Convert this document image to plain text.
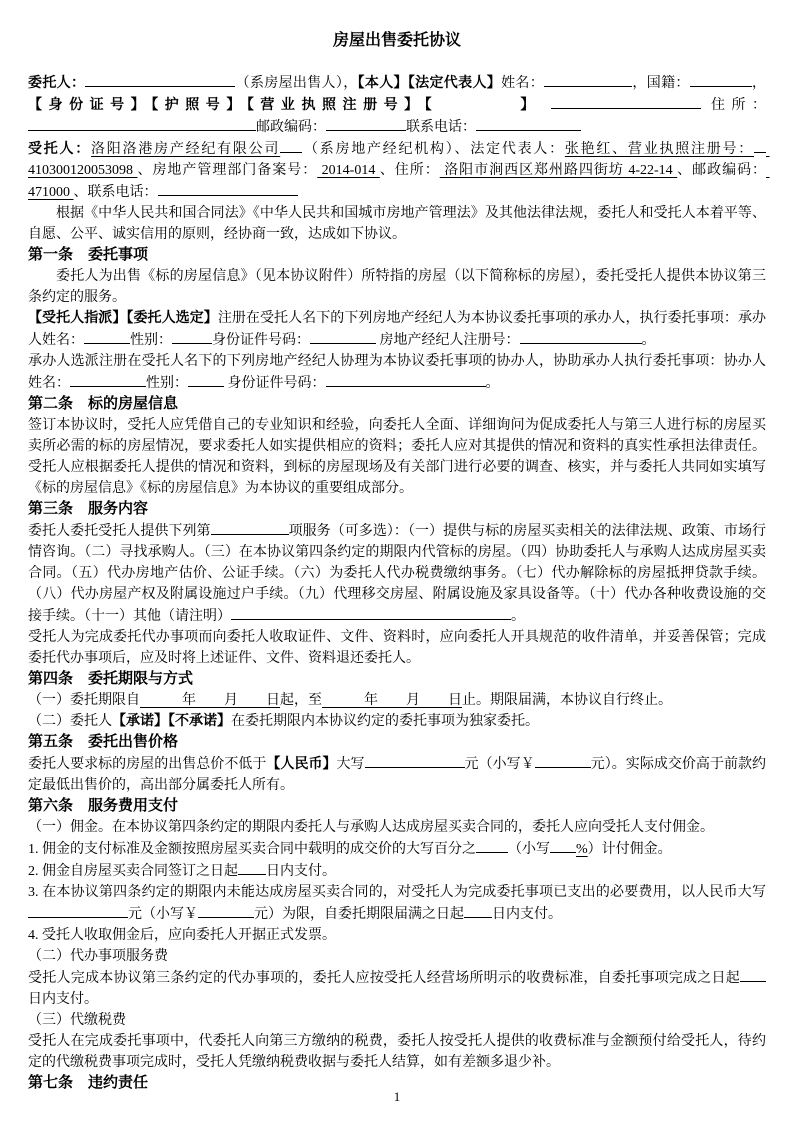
房屋出售委托协议
委托人：	（系房屋出售人），【本人】【法定代表人】姓名：	，国籍：	，【身份证号】【护照号】【营业执照注册号】【　　　　】	住所：邮政编码：	联系电话：
受托人：洛阳洛港房产经纪有限公司 （系房地产经纪机构）、法定代表人：张艳红、营业执照注册号： 410300120053098 、房地产管理部门备案号： 2014-014 、住所： 洛阳市涧西区郑州路四街坊 4-22-14 、邮政编码： 471000 、联系电话：
根据《中华人民共和国合同法》《中华人民共和国城市房地产管理法》及其他法律法规，委托人和受托人本着平等、自愿、公平、诚实信用的原则，经协商一致，达成如下协议。
第一条　委托事项
委托人为出售《标的房屋信息》（见本协议附件）所特指的房屋（以下简称标的房屋），委托受托人提供本协议第三条约定的服务。
【受托人指派】【委托人选定】注册在受托人名下的下列房地产经纪人为本协议委托事项的承办人，执行委托事项：承办人姓名：	性别：	身份证件号码：	房地产经纪人注册号：	。
承办人选派注册在受托人名下的下列房地产经纪人协理为本协议委托事项的协办人，协助承办人执行委托事项：协办人姓名：	性别：	身份证件号码：	。
第二条　标的房屋信息
签订本协议时，受托人应凭借自己的专业知识和经验，向委托人全面、详细询问为促成委托人与第三人进行标的房屋买卖所必需的标的房屋情况，要求委托人如实提供相应的资料；委托人应对其提供的情况和资料的真实性承担法律责任。受托人应根据委托人提供的情况和资料，到标的房屋现场及有关部门进行必要的调查、核实，并与委托人共同如实填写《标的房屋信息》《标的房屋信息》为本协议的重要组成部分。
第三条　服务内容
委托人委托受托人提供下列第	项服务（可多选）：（一）提供与标的房屋买卖相关的法律法规、政策、市场行情咨询。（二）寻找承购人。（三）在本协议第四条约定的期限内代管标的房屋。（四）协助委托人与承购人达成房屋买卖合同。（五）代办房地产估价、公证手续。（六）为委托人代办税费缴纳事务。（七）代办解除标的房屋抵押贷款手续。（八）代办房屋产权及附属设施过户手续。（九）代理移交房屋、附属设施及家具设备等。（十）代办各种收费设施的交接手续。（十一）其他（请注明）	。
受托人为完成委托代办事项而向委托人收取证件、文件、资料时，应向委托人开具规范的收件清单，并妥善保管；完成委托代办事项后，应及时将上述证件、文件、资料退还委托人。
第四条　委托期限与方式
（一）委托期限自　　　年　　月　　日起，至　　　年　　月　　日止。期限届满，本协议自行终止。
（二）委托人【承诺】【不承诺】在委托期限内本协议约定的委托事项为独家委托。
第五条　委托出售价格
委托人要求标的房屋的出售总价不低于【人民币】大写	元（小写￥	元）。实际成交价高于前款约定最低出售价的，高出部分属委托人所有。
第六条　服务费用支付
（一）佣金。在本协议第四条约定的期限内委托人与承购人达成房屋买卖合同的，委托人应向受托人支付佣金。
1. 佣金的支付标准及金额按照房屋买卖合同中载明的成交价的大写百分之 （小写 %）计付佣金。
2. 佣金自房屋买卖合同签订之日起 日内支付。
3. 在本协议第四条约定的期限内未能达成房屋买卖合同的，对受托人为完成委托事项已支出的必要费用，以人民币大写元（小写￥	元）为限，自委托期限届满之日起 日内支付。
4. 受托人收取佣金后，应向委托人开据正式发票。
（二）代办事项服务费
受托人完成本协议第三条约定的代办事项的，委托人应按受托人经营场所明示的收费标准，自委托事项完成之日起日内支付。
（三）代缴税费
受托人在完成委托事项中，代委托人向第三方缴纳的税费，委托人按受托人提供的收费标准与金额预付给受托人，待约定的代缴税费事项完成时，受托人凭缴纳税费收据与委托人结算，如有差额多退少补。
第七条　违约责任
1
